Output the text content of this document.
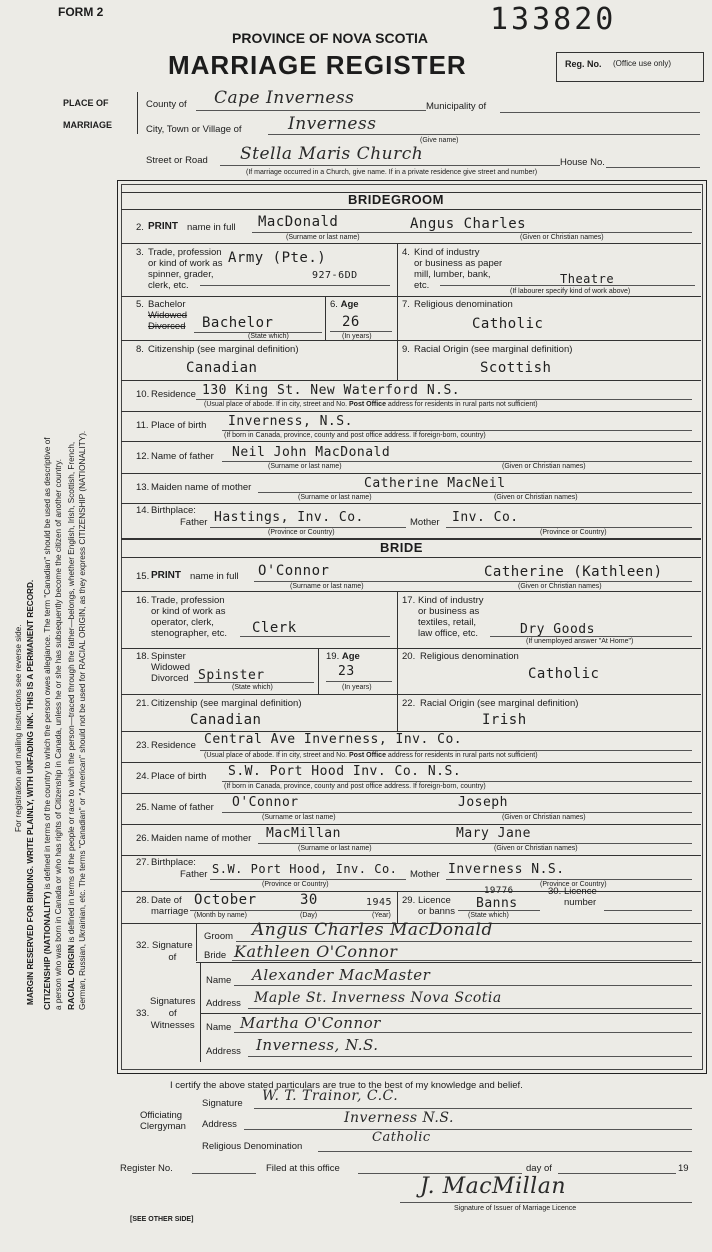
FORM 2	133820
PROVINCE OF NOVA SCOTIA
MARRIAGE REGISTER	Reg. No. (Office use only)
PLACE OF
MARRIAGE
County of Cape Inverness	Municipality of
City, Town or Village of	Inverness
(Give name)
Street or Road Stella Maris Church	House No.
(If marriage occurred in a Church, give name. If in a private residence give street and number)
For registration and mailing instructions see reverse side. MARGIN RESERVED FOR BINDING. WRITE PLAINLY, WITH UNFADING INK. THIS IS A PERMANENT RECORD. CITIZENSHIP (NATIONALITY) is defined in terms of the country to which the person owes allegiance. The term "Canadian" should be used as descriptive of a person who was born in Canada or who has rights of Citizenship in Canada, unless he or she has subsequently become the citizen of another country. RACIAL ORIGIN is defined in terms of the people or race to which the person—traced through the father—belongs, whether English, Irish, Scottish, French, German, Russian, Ukrainian, etc. The terms "Canadian" or "American" should not be used for RACIAL ORIGIN, as they express CITIZENSHIP (NATIONALITY).
BRIDEGROOM
2. PRINT name in full MacDonald	Angus Charles
(Surname or last name)	(Given or Christian names)
3. Trade, profession
or kind of work as
spinner, grader,
clerk, etc.
Army (Pte.)
927-6DD
4. Kind of industry
or business as paper
mill, lumber, bank,
etc.	Theatre
(If labourer specify kind of work above)
5. Bachelor
Widowed
Divorced Bachelor
(State which)
6. Age
26
(In years)
7. Religious denomination
Catholic
8. Citizenship (see marginal definition)
Canadian
9. Racial Origin (see marginal definition)
Scottish
10. Residence 130 King St. New Waterford N.S.
(Usual place of abode. If in city, street and No. Post Office address for residents in rural parts not sufficient)
11. Place of birth Inverness, N.S.
(If born in Canada, province, county and post office address. If foreign-born, country)
12. Name of father Neil John MacDonald
(Surname or last name)	(Given or Christian names)
13. Maiden name of mother	Catherine MacNeil
(Surname or last name)	(Given or Christian names)
14. Birthplace:
Father Hastings, Inv. Co.	Mother Inv. Co.
(Province or Country)	(Province or Country)
BRIDE
15. PRINT name in full O'Connor	Catherine (Kathleen)
(Surname or last name)	(Given or Christian names)
16. Trade, profession
or kind of work as
operator, clerk,
stenographer, etc. Clerk
17. Kind of industry
or business as
textiles, retail,
law office, etc.	Dry Goods
(If unemployed answer "At Home")
18. Spinster
Widowed
Divorced Spinster
(State which)
19. Age
23
(In years)
20. Religious denomination
Catholic
21. Citizenship (see marginal definition)
Canadian
22. Racial Origin (see marginal definition)
Irish
23. Residence Central Ave Inverness, Inv. Co.
(Usual place of abode. If in city, street and No. Post Office address for residents in rural parts not sufficient)
24. Place of birth S.W. Port Hood Inv. Co. N.S.
(If born in Canada, province, county and post office address. If foreign-born, country)
25. Name of father O'Connor	Joseph
(Surname or last name)	(Given or Christian names)
26. Maiden name of mother MacMillan	Mary Jane
(Surname or last name)	(Given or Christian names)
27. Birthplace:
Father S.W. Port Hood, Inv. Co. Mother Inverness N.S.
(Province or Country)	(Province or Country)
28. Date of
marriage
October	30	1945
(Month by name)	(Day)	(Year)
29. Licence
or banns
19776
Banns
(State which)
30. Licence
number
32. Signature
of
Groom Angus Charles MacDonald
Bride Kathleen O'Connor
33.
Signatures
of
Witnesses
Name Alexander MacMaster
Address Maple St. Inverness Nova Scotia
Name Martha O'Connor
Address Inverness, N.S.
I certify the above stated particulars are true to the best of my knowledge and belief.
Officiating
Clergyman
Signature W. T. Trainor, C.C.
Address	Inverness N.S.
Religious Denomination
Catholic
Register No.	Filed at this office	day of	19
J. MacMillan
Signature of Issuer of Marriage Licence
[SEE OTHER SIDE]
